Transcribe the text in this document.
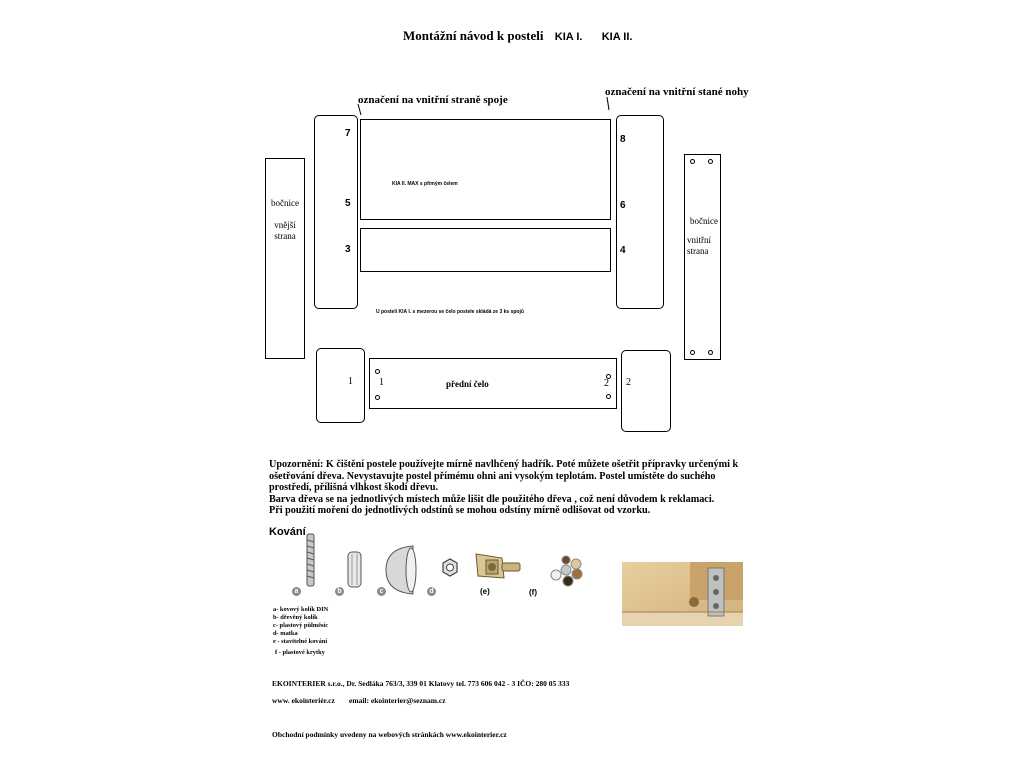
Montážní návod k posteli KIA I. KIA II.
označení na vnitřní straně spoje
označení na vnitřní stané nohy
bočnice
vnější
strana
7
5
3
KIA II. MAX s přímým čelem
U posteli KIA I. s mezerou se čelo postele skládá ze 3 ks spojů
8
6
4
bočnice
vnitřní
strana
1	1	2
přední čelo	2
Upozornění: K čištění postele používejte mírně navlhčený hadřík. Poté můžete ošetřit přípravky určenými k ošetřování dřeva. Nevystavujte postel přímému ohni ani vysokým teplotám. Postel umístěte do suchého prostředí, přílišná vlhkost škodí dřevu.
Barva dřeva se na jednotlivých místech může lišit dle použitého dřeva , což není důvodem k reklamaci.
Při použití moření do jednotlivých odstínů se mohou odstíny mírně odlišovat od vzorku.
Kování
a	b	c	d	(e)	(f)
a- kovový kolík DIN
b- dřevěný kolík
c- plastový půlměsíc
d- matka
e - stavitelné kování
f - plastové krytky
EKOINTERIER s.r.o., Dr. Sedláka 763/3, 339 01 Klatovy tel. 773 606 042 - 3 IČO: 280 05 333
www. ekointeriér.cz email: ekointerier@seznam.cz
Obchodní podmínky uvedeny na webových stránkách www.ekointerier.cz
